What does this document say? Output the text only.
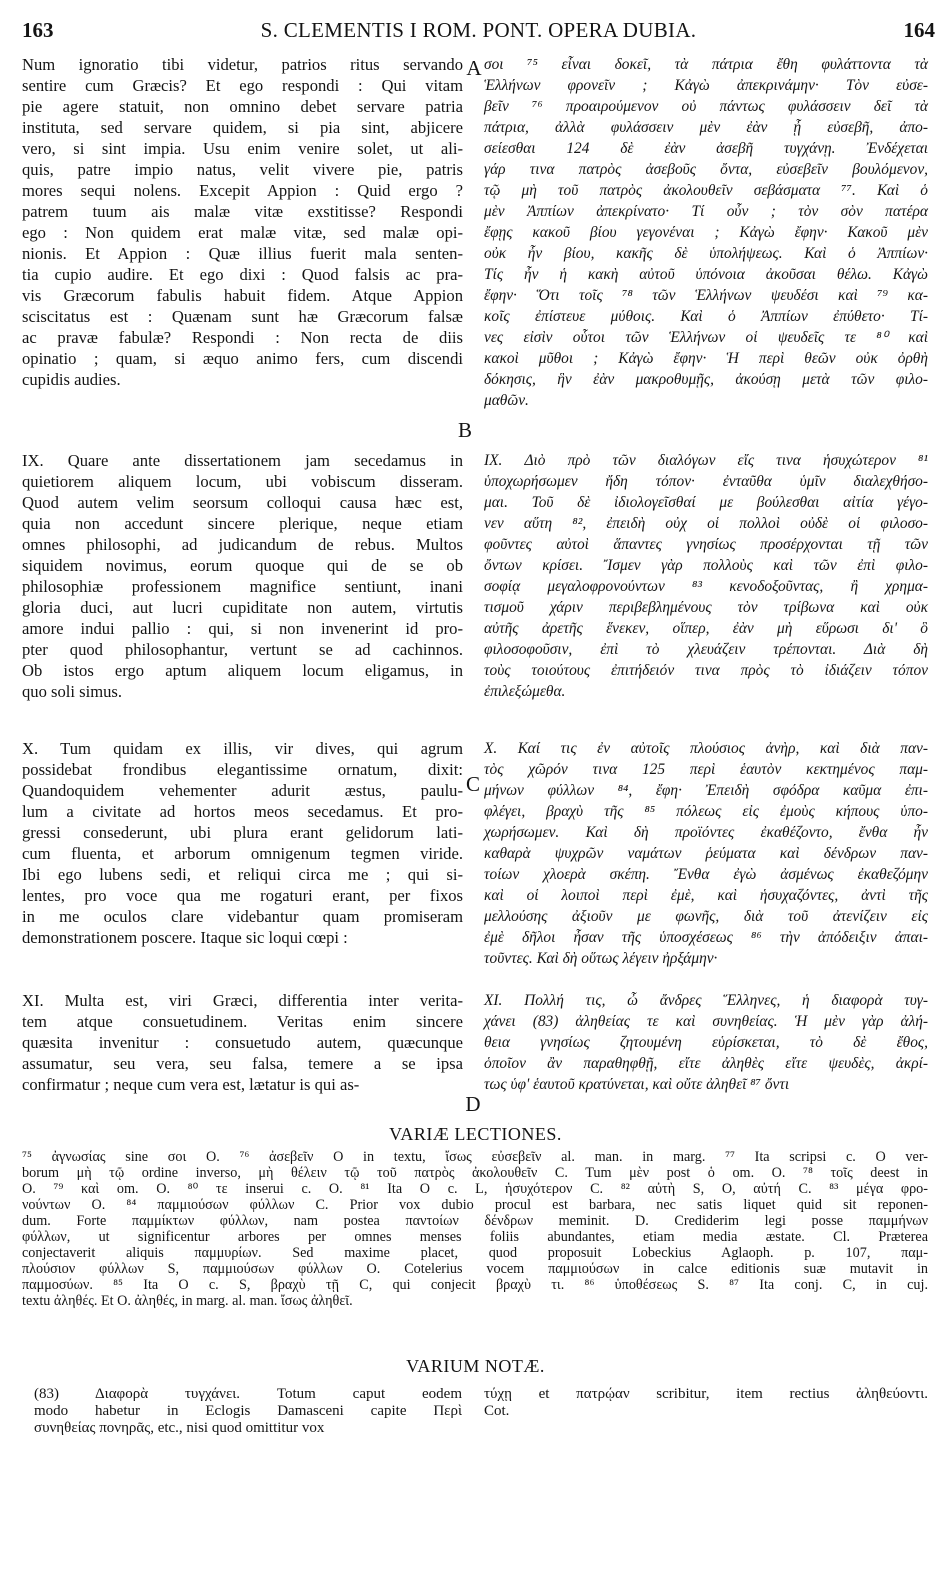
163	S. CLEMENTIS I ROM. PONT. OPERA DUBIA.	164
Num ignoratio tibi videtur, patrios ritus servando
sentire cum Græcis? Et ego respondi : Qui vitam
pie agere statuit, non omnino debet servare patria
instituta, sed servare quidem, si pia sint, abjicere
vero, si sint impia. Usu enim venire solet, ut ali-
quis, patre impio natus, velit vivere pie, patris
mores sequi nolens. Excepit Appion : Quid ergo ?
patrem tuum ais malæ vitæ exstitisse? Respondi
ego : Non quidem erat malæ vitæ, sed malæ opi-
nionis. Et Appion : Quæ illius fuerit mala senten-
tia cupio audire. Et ego dixi : Quod falsis ac pra-
vis Græcorum fabulis habuit fidem. Atque Appion
sciscitatus est : Quænam sunt hæ Græcorum falsæ
ac pravæ fabulæ? Respondi : Non recta de diis
opinatio ; quam, si æquo animo fers, cum discendi
cupidis audies.
IX. Quare ante dissertationem jam secedamus in
quietiorem aliquem locum, ubi vobiscum disseram.
Quod autem velim seorsum colloqui causa hæc est,
quia non accedunt sincere plerique, neque etiam
omnes philosophi, ad judicandum de rebus. Multos
siquidem novimus, eorum quoque qui de se ob
philosophiæ professionem magnifice sentiunt, inani
gloria duci, aut lucri cupiditate non autem, virtutis
amore indui pallio : qui, si non invenerint id pro-
pter quod philosophantur, vertunt se ad cachinnos.
Ob istos ergo aptum aliquem locum eligamus, in
quo soli simus.
X. Tum quidam ex illis, vir dives, qui agrum
possidebat frondibus elegantissime ornatum, dixit:
Quandoquidem vehementer adurit æstus, paulu-
lum a civitate ad hortos meos secedamus. Et pro-
gressi consederunt, ubi plura erant gelidorum lati-
cum fluenta, et arborum omnigenum tegmen viride.
Ibi ego lubens sedi, et reliqui circa me ; qui si-
lentes, pro voce qua me rogaturi erant, per fixos
in me oculos clare videbantur quam promiseram
demonstrationem poscere. Itaque sic loqui cœpi :
XI. Multa est, viri Græci, differentia inter verita-
tem atque consuetudinem. Veritas enim sincere
quæsita invenitur : consuetudo autem, quæcunque
assumatur, seu vera, seu falsa, temere a se ipsa
confirmatur ; neque cum vera est, lætatur is qui as-
σοι ⁷⁵ εἶναι δοκεῖ, τὰ πάτρια ἔθη φυλάττοντα τὰ
Ἑλλήνων φρονεῖν ; Κἀγὼ ἀπεκρινάμην· Τὸν εὐσε-
βεῖν ⁷⁶ προαιρούμενον οὐ πάντως φυλάσσειν δεῖ τὰ
πάτρια, ἀλλὰ φυλάσσειν μὲν ἐὰν ᾖ εὐσεβῆ, ἀπο-
σείεσθαι 124 δὲ ἐὰν ἀσεβῆ τυγχάνῃ. Ἐνδέχεται
γάρ τινα πατρὸς ἀσεβοῦς ὄντα, εὐσεβεῖν βουλόμενον,
τῷ μὴ τοῦ πατρὸς ἀκολουθεῖν σεβάσματα ⁷⁷. Καὶ ὁ
μὲν Ἀππίων ἀπεκρίνατο· Τί οὖν ; τὸν σὸν πατέρα
ἔφῃς κακοῦ βίου γεγονέναι ; Κἀγὼ ἔφην· Κακοῦ μὲν
οὐκ ἦν βίου, κακῆς δὲ ὑπολήψεως. Καὶ ὁ Ἀππίων·
Τίς ἦν ἡ κακὴ αὐτοῦ ὑπόνοια ἀκοῦσαι θέλω. Κἀγὼ
ἔφην· Ὅτι τοῖς ⁷⁸ τῶν Ἑλλήνων ψευδέσι καὶ ⁷⁹ κα-
κοῖς ἐπίστευε μύθοις. Καὶ ὁ Ἀππίων ἐπύθετο· Τί-
νες εἰσὶν οὗτοι τῶν Ἑλλήνων οἱ ψευδεῖς τε ⁸⁰ καὶ
κακοὶ μῦθοι ; Κἀγὼ ἔφην· Ἡ περὶ θεῶν οὐκ ὀρθὴ
δόκησις, ἣν ἐὰν μακροθυμῇς, ἀκούσῃ μετὰ τῶν φιλο-
μαθῶν.
IX. Διὸ πρὸ τῶν διαλόγων εἴς τινα ἡσυχώτερον ⁸¹
ὑποχωρήσωμεν ἤδη τόπον· ἐνταῦθα ὑμῖν διαλεχθήσο-
μαι. Τοῦ δὲ ἰδιολογεῖσθαί με βούλεσθαι αἰτία γέγο-
νεν αὕτη ⁸², ἐπειδὴ οὐχ οἱ πολλοὶ οὐδὲ οἱ φιλοσο-
φοῦντες αὐτοὶ ἅπαντες γνησίως προσέρχονται τῇ τῶν
ὄντων κρίσει. Ἴσμεν γὰρ πολλοὺς καὶ τῶν ἐπὶ φιλο-
σοφίᾳ μεγαλοφρονούντων ⁸³ κενοδοξοῦντας, ἢ χρημα-
τισμοῦ χάριν περιβεβλημένους τὸν τρίβωνα καὶ οὐκ
αὐτῆς ἀρετῆς ἕνεκεν, οἵπερ, ἐὰν μὴ εὕρωσι δι' ὃ
φιλοσοφοῦσιν, ἐπὶ τὸ χλευάζειν τρέπονται. Διὰ δὴ
τοὺς τοιούτους ἐπιτήδειόν τινα πρὸς τὸ ἰδιάζειν τόπον
ἐπιλεξώμεθα.
X. Καί τις ἐν αὐτοῖς πλούσιος ἀνὴρ, καὶ διὰ παν-
τὸς χῶρόν τινα 125 περὶ ἑαυτὸν κεκτημένος παμ-
μήνων φύλλων ⁸⁴, ἔφη· Ἐπειδὴ σφόδρα καῦμα ἐπι-
φλέγει, βραχὺ τῆς ⁸⁵ πόλεως εἰς ἐμοὺς κήπους ὑπο-
χωρήσωμεν. Καὶ δὴ προϊόντες ἐκαθέζοντο, ἔνθα ἦν
καθαρὰ ψυχρῶν ναμάτων ῥεύματα καὶ δένδρων παν-
τοίων χλοερὰ σκέπη. Ἔνθα ἐγὼ ἀσμένως ἐκαθεζόμην
καὶ οἱ λοιποὶ περὶ ἐμὲ, καὶ ἡσυχαζόντες, ἀντὶ τῆς
μελλούσης ἀξιοῦν με φωνῆς, διὰ τοῦ ἀτενίζειν εἰς
ἐμὲ δῆλοι ἦσαν τῆς ὑποσχέσεως ⁸⁶ τὴν ἀπόδειξιν ἀπαι-
τοῦντες. Καὶ δὴ οὕτως λέγειν ἠρξάμην·
XI. Πολλή τις, ὦ ἄνδρες Ἕλληνες, ἡ διαφορὰ τυγ-
χάνει (83) ἀληθείας τε καὶ συνηθείας. Ἡ μὲν γὰρ ἀλή-
θεια γνησίως ζητουμένη εὑρίσκεται, τὸ δὲ ἔθος,
ὁποῖον ἂν παραθηφθῇ, εἴτε ἀληθὲς εἴτε ψευδὲς, ἀκρί-
τως ὑφ' ἑαυτοῦ κρατύνεται, καὶ οὔτε ἀληθεῖ ⁸⁷ ὄντι
A
B
C
D
VARIÆ LECTIONES.
⁷⁵ ἀγνωσίας sine σοι O. ⁷⁶ ἀσεβεῖν O in textu, ἴσως εὐσεβεῖν al. man. in marg. ⁷⁷ Ita scripsi c. O ver-
borum μὴ τῷ ordine inverso, μὴ θέλειν τῷ τοῦ πατρὸς ἀκολουθεῖν C. Tum μὲν post ὁ om. O. ⁷⁸ τοῖς deest in
O. ⁷⁹ καὶ om. O. ⁸⁰ τε inserui c. O. ⁸¹ Ita O c. L, ἡσυχότερον C. ⁸² αὐτὴ S, O, αὐτή C. ⁸³ μέγα φρο-
νούντων O. ⁸⁴ παμμιούσων φύλλων C. Prior vox dubio procul est barbara, nec satis liquet quid sit reponen-
dum. Forte παμμίκτων φύλλων, nam postea παντοίων δένδρων meminit. D. Crediderim legi posse παμμήνων
φύλλων, ut significentur arbores per omnes menses foliis abundantes, etiam media æstate. Cl. Præterea
conjectaverit aliquis παμμυρίων. Sed maxime placet, quod proposuit Lobeckius Aglaoph. p. 107, παμ-
πλούσιον φύλλων S, παμμιούσων φύλλων O. Cotelerius vocem παμμιούσων in calce editionis suæ mutavit in
παμμοσύων. ⁸⁵ Ita O c. S, βραχὺ τῇ C, qui conjecit βραχὺ τι. ⁸⁶ ὑποθέσεως S. ⁸⁷ Ita conj. C, in cuj.
textu ἀληθές. Et O. ἀληθές, in marg. al. man. ἴσως ἀληθεῖ.
VARIUM NOTÆ.
(83) Διαφορὰ τυγχάνει. Totum caput eodem
modo habetur in Eclogis Damasceni capite Περὶ
συνηθείας πονηρᾶς, etc., nisi quod omittitur vox
τύχῃ et πατρῴαν scribitur, item rectius ἀληθεύοντι.
Cot.
